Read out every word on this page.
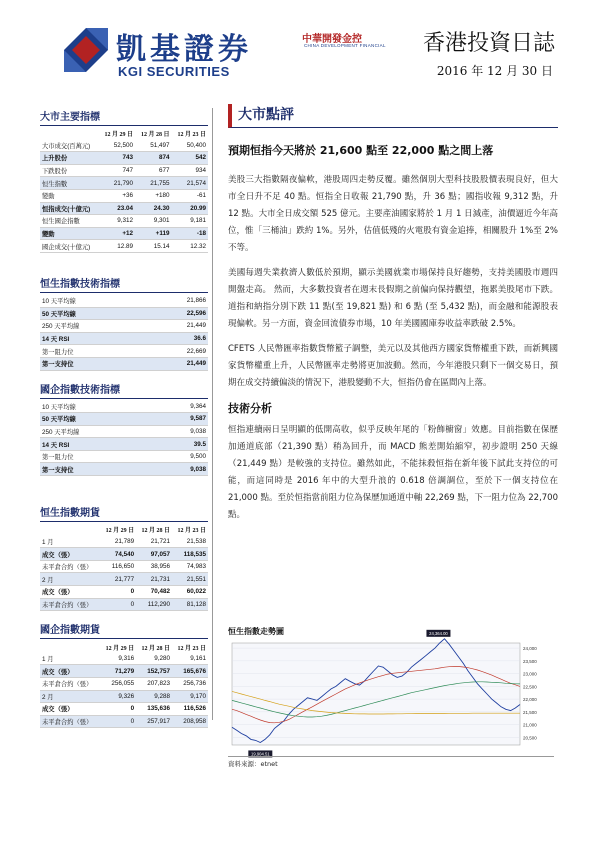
凱基證券
KGI SECURITIES
中華開發金控
CHINA DEVELOPMENT FINANCIAL 香港投資日誌
2016 年 12 月 30 日
大市主要指標
	12 月 29 日	12 月 28 日	12 月 23 日
大市成交(百萬元)	52,500	51,497	50,400
上升股份	743	874	542
下跌股份	747	677	934
恒生指數	21,790	21,755	21,574
變動	+36	+180	-61
恒指成交(十億元)	23.04	24.30	20.99
恒生國企指數	9,312	9,301	9,181
變動	+12	+119	-18
國企成交(十億元)	12.89	15.14	12.32
恒生指數技術指標
10 天平均線	21,866
50 天平均線	22,596
250 天平均線	21,449
14 天 RSI	36.6
第一阻力位	22,669
第一支持位	21,449
國企指數技術指標
10 天平均線	9,364
50 天平均線	9,587
250 天平均線	9,038
14 天 RSI	39.5
第一阻力位	9,500
第一支持位	9,038
恒生指數期貨
	12 月 29 日	12 月 28 日	12 月 23 日
1 月	21,789	21,721	21,538
成交（張）	74,540	97,057	118,535
未平倉合約（張）	116,650	38,956	74,983
2 月	21,777	21,731	21,551
成交（張）	0	70,482	60,022
未平倉合約（張）	0	112,290	81,128
國企指數期貨
	12 月 29 日	12 月 28 日	12 月 23 日
1 月	9,316	9,280	9,161
成交（張）	71,279	152,757	165,676
未平倉合約（張）	256,055	207,823	256,736
2 月	9,326	9,288	9,170
成交（張）	0	135,636	116,526
未平倉合約（張）	0	257,917	208,958
大市點評
預期恒指今天將於 21,600 點至 22,000 點之間上落

美股三大指數隔夜偏軟，港股周四走勢反覆。雖然個別大型科技股股價表現良好，但大市全日升不足 40 點。恒指全日收報 21,790 點，升 36 點；國指收報 9,312 點，升 12 點。大市全日成交額 525 億元。主要產油國家將於 1 月 1 日減產，油價逼近今年高位，惟「三桶油」跌約 1%。另外，估值低殘的火電股有資金追捧，相關股升 1%至 2%不等。

美國每週失業救濟人數低於預期，顯示美國就業市場保持良好趨勢，支持美國股市週四開盤走高。 然而，大多數投資者在週末長假期之前偏向保持觀望，拖累美股尾市下跌。道指和納指分別下跌 11 點(至 19,821 點) 和 6 點 (至 5,432 點)，而金融和能源股表現偏軟。另一方面，資金回流債券市場，10 年美國國庫券收益率跌破 2.5%。

CFETS 人民幣匯率指數貨幣籃子調整，美元以及其他西方國家貨幣權重下跌，而新興國家貨幣權重上升，人民幣匯率走勢將更加波動。然而，今年港股只剩下一個交易日，預期在成交持續偏淡的情況下，港股變動不大，恒指仍會在區間內上落。

技術分析

恒指連續兩日呈明顯的低開高收，似乎反映年尾的「粉飾櫥窗」效應。目前指數在保歷加通道底部（21,390 點）稍為回升，而 MACD 熊差開始縮窄，初步證明 250 天線（21,449 點）是較強的支持位。雖然如此，不能抹殺恒指在新年後下試此支持位的可能，而這同時是 2016 年中的大型升浪的 0.618 倍調調位，至於下一個支持位在 21,000 點。至於恒指當前阻力位為保歷加通道中軸 22,269 點，下一阻力位為 22,700 點。

恒生指數走勢圖
24,000
23,500
23,000
22,500
22,000
21,500
21,000
20,500
24,364.00
19,904.51
資料來源：etnet
